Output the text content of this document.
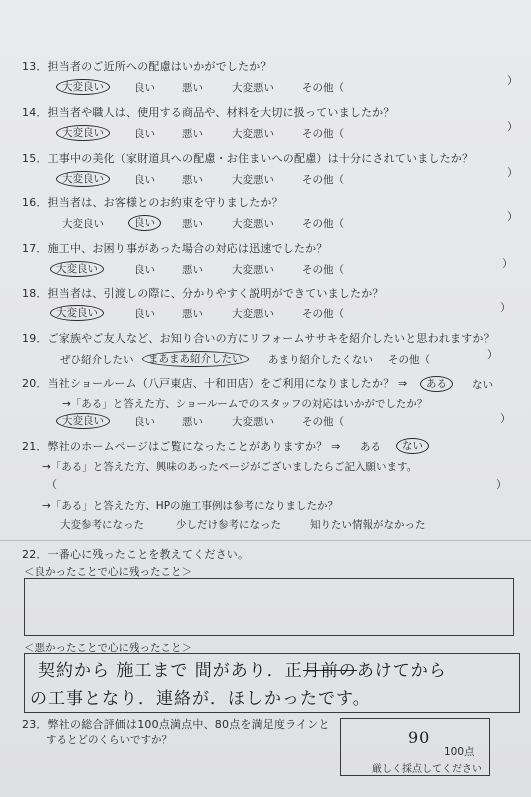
13．担当者のご近所への配慮はいかがでしたか？
大変良い	良い	悪い	大変悪い	その他（
）
14．担当者や職人は、使用する商品や、材料を大切に扱っていましたか？
大変良い	良い	悪い	大変悪い	その他（
）
15．工事中の美化（家財道具への配慮・お住まいへの配慮）は十分にされていましたか？
大変良い	良い	悪い	大変悪い	その他（
）
16．担当者は、お客様とのお約束を守りましたか？
大変良い	良い	悪い	大変悪い	その他（
）
17．施工中、お困り事があった場合の対応は迅速でしたか？
大変良い	良い	悪い	大変悪い	その他（	）
18．担当者は、引渡しの際に、分かりやすく説明ができていましたか？
大変良い	良い	悪い	大変悪い	その他（	）
19．ご家族やご友人など、お知り合いの方にリフォームササキを紹介したいと思われますか？
ぜひ紹介したい まあまあ紹介したい	あまり紹介したくない その他（	）
20．当社ショールーム（八戸東店、十和田店）をご利用になりましたか？ ⇒ ある	ない
→「ある」と答えた方、ショールームでのスタッフの対応はいかがでしたか？
大変良い	良い	悪い	大変悪い	その他（	）
21．弊社のホームページはご覧になったことがありますか？ ⇒ ある ない
→「ある」と答えた方、興味のあったページがございましたらご記入願います。
（	）
→「ある」と答えた方、HPの施工事例は参考になりましたか？
大変参考になった	少しだけ参考になった	知りたい情報がなかった
22．一番心に残ったことを教えてください。
＜良かったことで心に残ったこと＞
＜悪かったことで心に残ったこと＞
契約から 施工まで 間があり．正月前のあけてから
の工事となり．連絡が．ほしかったです。
23．弊社の総合評価は100点満点中、80点を満足度ラインと
するとどのくらいですか？	90
100点
厳しく採点してください
